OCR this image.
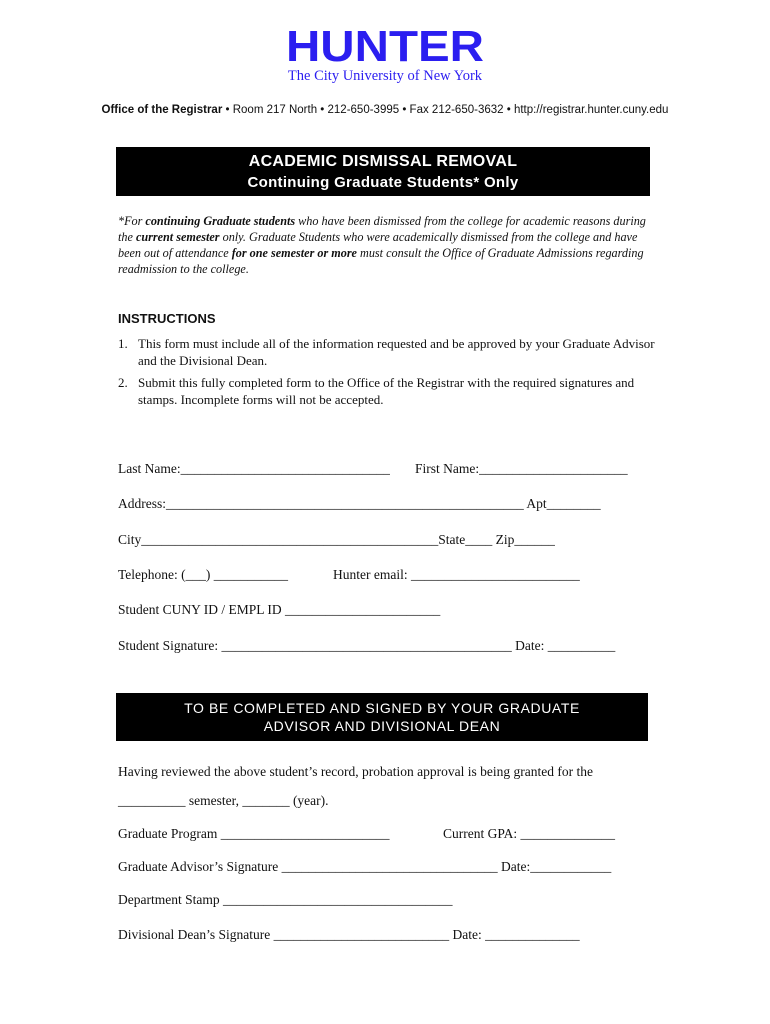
HUNTER
The City University of New York
Office of the Registrar • Room 217 North • 212-650-3995 • Fax 212-650-3632 • http://registrar.hunter.cuny.edu
ACADEMIC DISMISSAL REMOVAL
Continuing Graduate Students* Only
*For continuing Graduate students who have been dismissed from the college for academic reasons during the current semester only. Graduate Students who were academically dismissed from the college and have been out of attendance for one semester or more must consult the Office of Graduate Admissions regarding readmission to the college.
INSTRUCTIONS
1. This form must include all of the information requested and be approved by your Graduate Advisor and the Divisional Dean.
2. Submit this fully completed form to the Office of the Registrar with the required signatures and stamps. Incomplete forms will not be accepted.
Last Name:_______________________________ First Name:______________________
Address:_____________________________________________________ Apt________
City____________________________________________State____ Zip______
Telephone: (___) ___________	Hunter email: _________________________
Student CUNY ID / EMPL ID _______________________
Student Signature: ___________________________________________ Date: __________
TO BE COMPLETED AND SIGNED BY YOUR GRADUATE
ADVISOR AND DIVISIONAL DEAN
Having reviewed the above student’s record, probation approval is being granted for the
__________ semester, _______ (year).
Graduate Program _________________________	Current GPA: ______________
Graduate Advisor’s Signature ________________________________ Date:____________
Department Stamp __________________________________
Divisional Dean’s Signature __________________________ Date: ______________
